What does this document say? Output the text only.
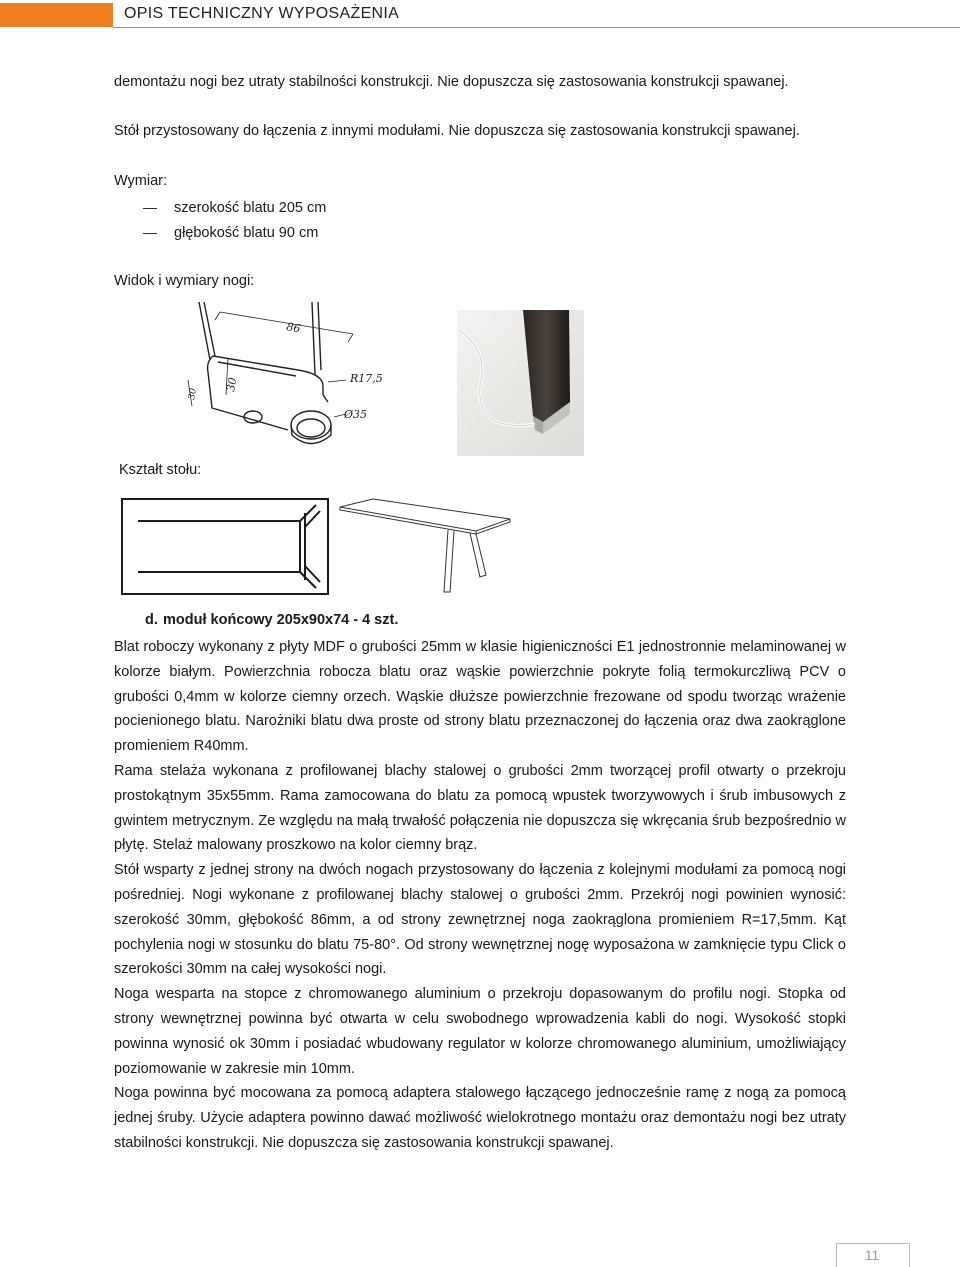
OPIS TECHNICZNY WYPOSAŻENIA

demontażu nogi bez utraty stabilności konstrukcji. Nie dopuszcza się zastosowania konstrukcji spawanej.

Stół przystosowany do łączenia z innymi modułami. Nie dopuszcza się zastosowania konstrukcji spawanej.

Wymiar:

szerokość blatu 205 cm

głębokość blatu 90 cm

Widok i wymiary nogi:

86
30
30
R17,5
Ø35

Kształt stołu:

d. moduł końcowy 205x90x74 - 4 szt.

Blat roboczy wykonany z płyty MDF o grubości 25mm w klasie higieniczności E1 jednostronnie melaminowanej w kolorze białym. Powierzchnia robocza blatu oraz wąskie powierzchnie pokryte folią termokurczliwą PCV o grubości 0,4mm w kolorze ciemny orzech. Wąskie dłuższe powierzchnie frezowane od spodu tworząc wrażenie pocienionego blatu. Narożniki blatu dwa proste od strony blatu przeznaczonej do łączenia oraz dwa zaokrąglone promieniem R40mm.

Rama stelaża wykonana z profilowanej blachy stalowej o grubości 2mm tworzącej profil otwarty o przekroju prostokątnym 35x55mm. Rama zamocowana do blatu za pomocą wpustek tworzywowych i śrub imbusowych z gwintem metrycznym. Ze względu na małą trwałość połączenia nie dopuszcza się wkręcania śrub bezpośrednio w płytę. Stelaż malowany proszkowo na kolor ciemny brąz.

Stół wsparty z jednej strony na dwóch nogach przystosowany do łączenia z kolejnymi modułami za pomocą nogi pośredniej. Nogi wykonane z profilowanej blachy stalowej o grubości 2mm. Przekrój nogi powinien wynosić: szerokość 30mm, głębokość 86mm, a od strony zewnętrznej noga zaokrąglona promieniem R=17,5mm. Kąt pochylenia nogi w stosunku do blatu 75-80°. Od strony wewnętrznej nogę wyposażona w zamknięcie typu Click o szerokości 30mm na całej wysokości nogi.

Noga wesparta na stopce z chromowanego aluminium o przekroju dopasowanym do profilu nogi. Stopka od strony wewnętrznej powinna być otwarta w celu swobodnego wprowadzenia kabli do nogi. Wysokość stopki powinna wynosić ok 30mm i posiadać wbudowany regulator w kolorze chromowanego aluminium, umożliwiający poziomowanie w zakresie min 10mm.

Noga powinna być mocowana za pomocą adaptera stalowego łączącego jednocześnie ramę z nogą za pomocą jednej śruby. Użycie adaptera powinno dawać możliwość wielokrotnego montażu oraz demontażu nogi bez utraty stabilności konstrukcji. Nie dopuszcza się zastosowania konstrukcji spawanej.

11
